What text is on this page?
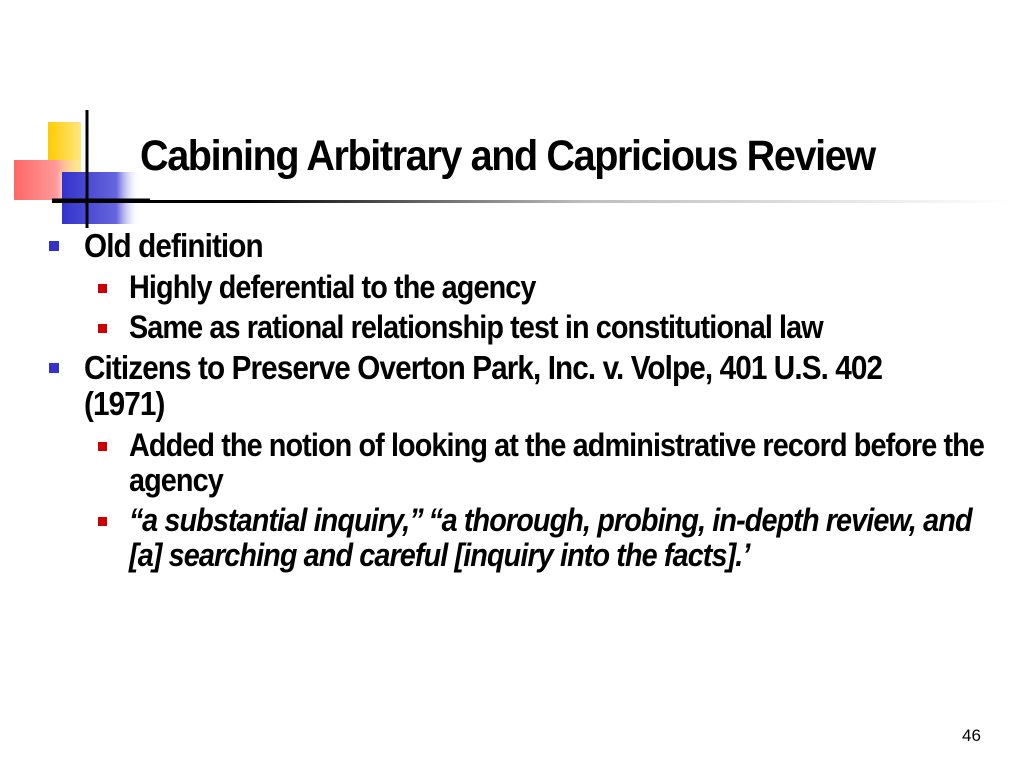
Cabining Arbitrary and Capricious Review
Old definition
Highly deferential to the agency
Same as rational relationship test in constitutional law
Citizens to Preserve Overton Park, Inc. v. Volpe, 401 U.S. 402 (1971)
Added the notion of looking at the administrative record before the agency
‘‘a substantial inquiry,’’ ‘‘a thorough, probing, in-depth review, and [a] searching and careful [inquiry into the facts].’
46
